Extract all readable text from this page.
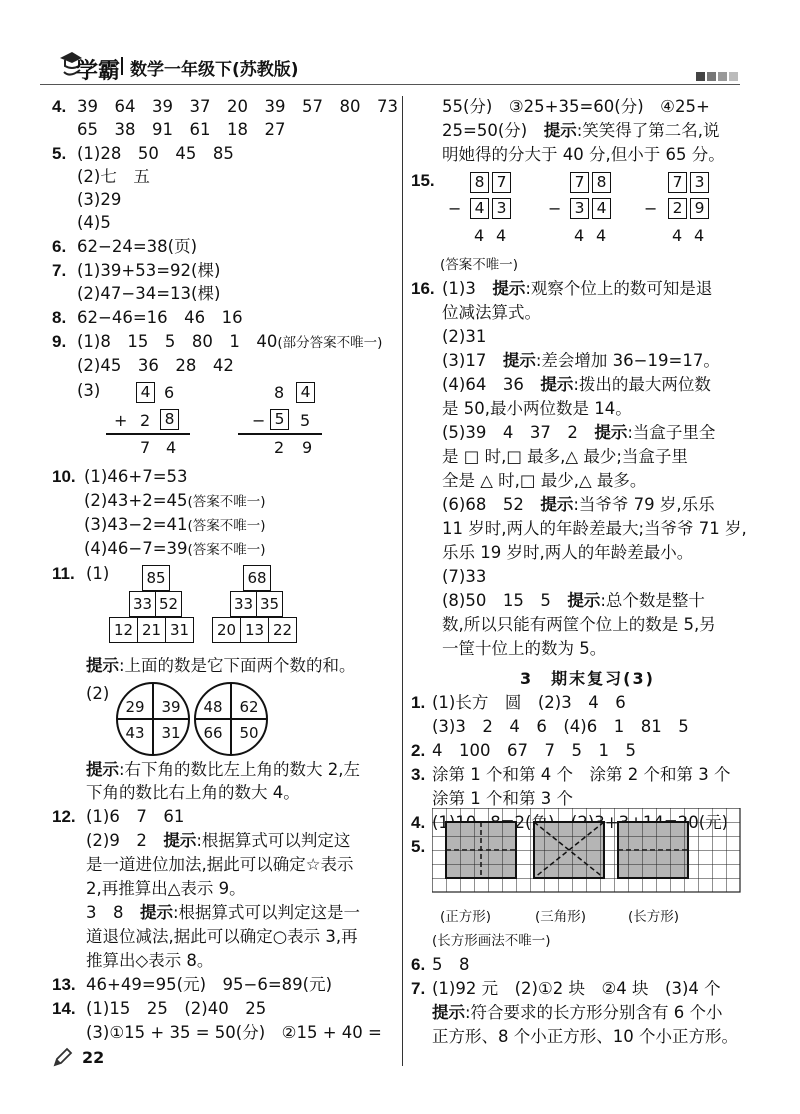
学霸 数学一年级下(苏教版)
4. 39　64　39　37　20　39　57　80　73
65　38　91　61　18　27
5. (1)28　50　45　85
(2)七　五
(3)29
(4)5
6. 62−24=38(页)
7. (1)39+53=92(棵)
(2)47−34=13(棵)
8. 62−46=16　46　16
9. (1)8　15　5　80　1　40(部分答案不唯一)
(2)45　36　28　42
(3)	4 6
+ 2 8
7 4
8 4
− 5 5
2 9
10. (1)46+7=53
(2)43+2=45(答案不唯一)
(3)43−2=41(答案不唯一)
(4)46−7=39(答案不唯一)
11. (1) 85
33 52
12 21 31
68
33 35
20 13 22
提示:上面的数是它下面两个数的和。
(2)
29	39
43	31
48	62
66	50
提示:右下角的数比左上角的数大 2,左
下角的数比右上角的数大 4。
12. (1)6　7　61
(2)9　2　提示:根据算式可以判定这
是一道进位加法,据此可以确定☆表示
2,再推算出△表示 9。
3　8　提示:根据算式可以判定这是一
道退位减法,据此可以确定○表示 3,再
推算出◇表示 8。
13. 46+49=95(元)　95−6=89(元)
14. (1)15　25　(2)40　25
(3)①15 + 35 = 50(分)　②15 + 40 =
22
55(分)　③25+35=60(分)　④25+
25=50(分)　提示:笑笑得了第二名,说
明她得的分大于 40 分,但小于 65 分。
15.	8 7
− 4 3
4 4
7 8
− 3 4
4 4
7 3
− 2 9
4 4
(答案不唯一)
16. (1)3　提示:观察个位上的数可知是退
位减法算式。
(2)31
(3)17　提示:差会增加 36−19=17。
(4)64　36　提示:拨出的最大两位数
是 50,最小两位数是 14。
(5)39　4　37　2　提示:当盒子里全
是 □ 时,□ 最多,△ 最少;当盒子里
全是 △ 时,□ 最少,△ 最多。
(6)68　52　提示:当爷爷 79 岁,乐乐
11 岁时,两人的年龄差最大;当爷爷 71 岁,
乐乐 19 岁时,两人的年龄差最小。
(7)33
(8)50　15　5　提示:总个数是整十
数,所以只能有两筐个位上的数是 5,另
一筐十位上的数为 5。
3　期末复习(3)
1. (1)长方　圆　(2)3　4　6
(3)3　2　4　6　(4)6　1　81　5
2. 4　100　67　7　5　1　5
3. 涂第 1 个和第 4 个　涂第 2 个和第 3 个
涂第 1 个和第 3 个
4.
5.
(正方形)	(三角形)	(长方形)
(长方形画法不唯一)
6. 5　8
7. (1)92 元　(2)①2 块　②4 块　(3)4 个
提示:符合要求的长方形分别含有 6 个小
正方形、8 个小正方形、10 个小正方形。
